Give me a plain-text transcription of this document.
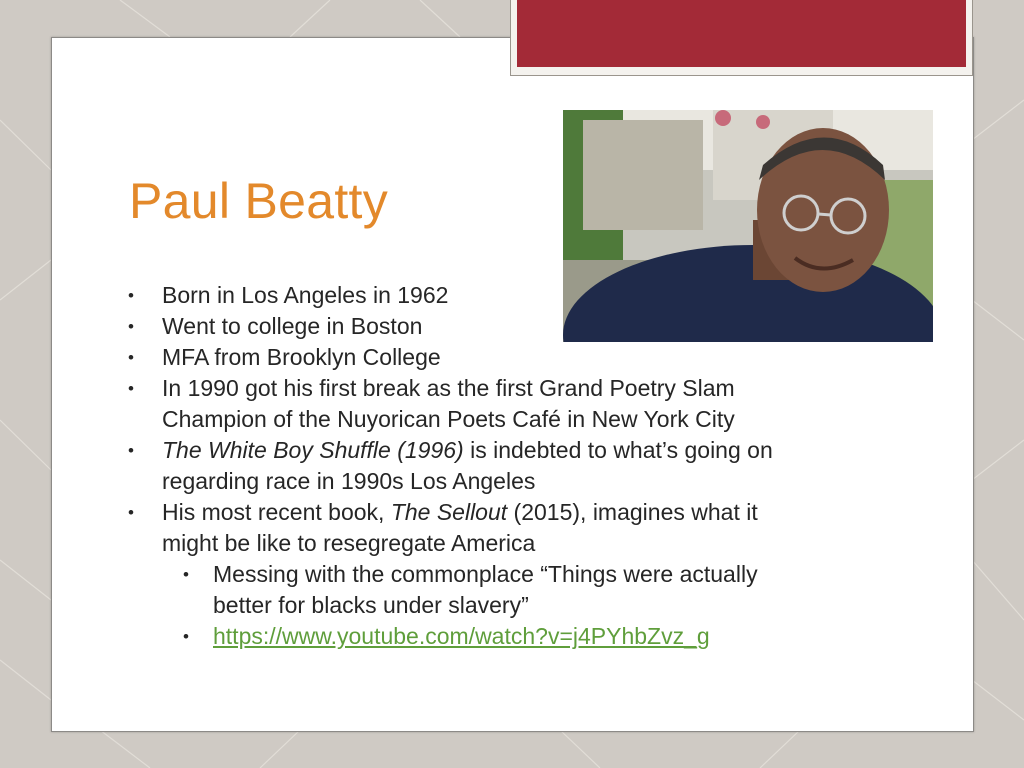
Paul Beatty
• Born in Los Angeles in 1962
• Went to college in Boston
• MFA from Brooklyn College
• In 1990 got his first break as the first Grand Poetry Slam
Champion of the Nuyorican Poets Café in New York City
• The White Boy Shuffle (1996) is indebted to what’s going on
regarding race in 1990s Los Angeles
• His most recent book, The Sellout (2015), imagines what it
might be like to resegregate America
• Messing with the commonplace “Things were actually
better for blacks under slavery”
• https://www.youtube.com/watch?v=j4PYhbZvz_g
